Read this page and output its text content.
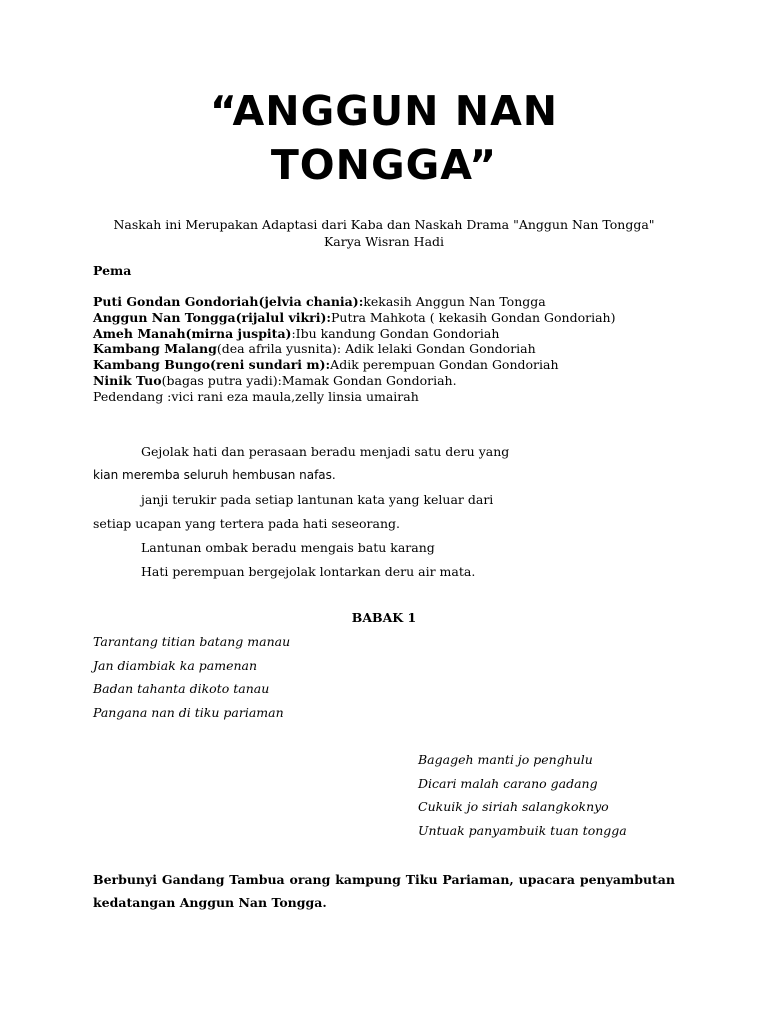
“ANGGUN NAN
TONGGA”
Naskah ini Merupakan Adaptasi dari Kaba dan Naskah Drama "Anggun Nan Tongga" Karya Wisran Hadi
Pema
Puti Gondan Gondoriah(jelvia chania):kekasih Anggun Nan Tongga
Anggun Nan Tongga(rijalul vikri):Putra Mahkota ( kekasih Gondan Gondoriah)
Ameh Manah(mirna juspita):Ibu kandung Gondan Gondoriah
Kambang Malang(dea afrila yusnita): Adik lelaki Gondan Gondoriah
Kambang Bungo(reni sundari m):Adik perempuan Gondan Gondoriah
Ninik Tuo(bagas putra yadi):Mamak Gondan Gondoriah.
Pedendang :vici rani eza maula,zelly linsia umairah
Gejolak hati dan perasaan beradu menjadi satu deru yang
kian meremba seluruh hembusan nafas.
janji terukir pada setiap lantunan kata yang keluar dari
setiap ucapan yang tertera pada hati seseorang.
Lantunan ombak beradu mengais batu karang
Hati perempuan bergejolak lontarkan deru air mata.
BABAK 1
Tarantang titian batang manau
Jan diambiak ka pamenan
Badan tahanta dikoto tanau
Pangana nan di tiku pariaman
Bagageh manti jo penghulu
Dicari malah carano gadang
Cukuik jo siriah salangkoknyo
Untuak panyambuik tuan tongga
Berbunyi Gandang Tambua orang kampung Tiku Pariaman, upacara penyambutan kedatangan Anggun Nan Tongga.
